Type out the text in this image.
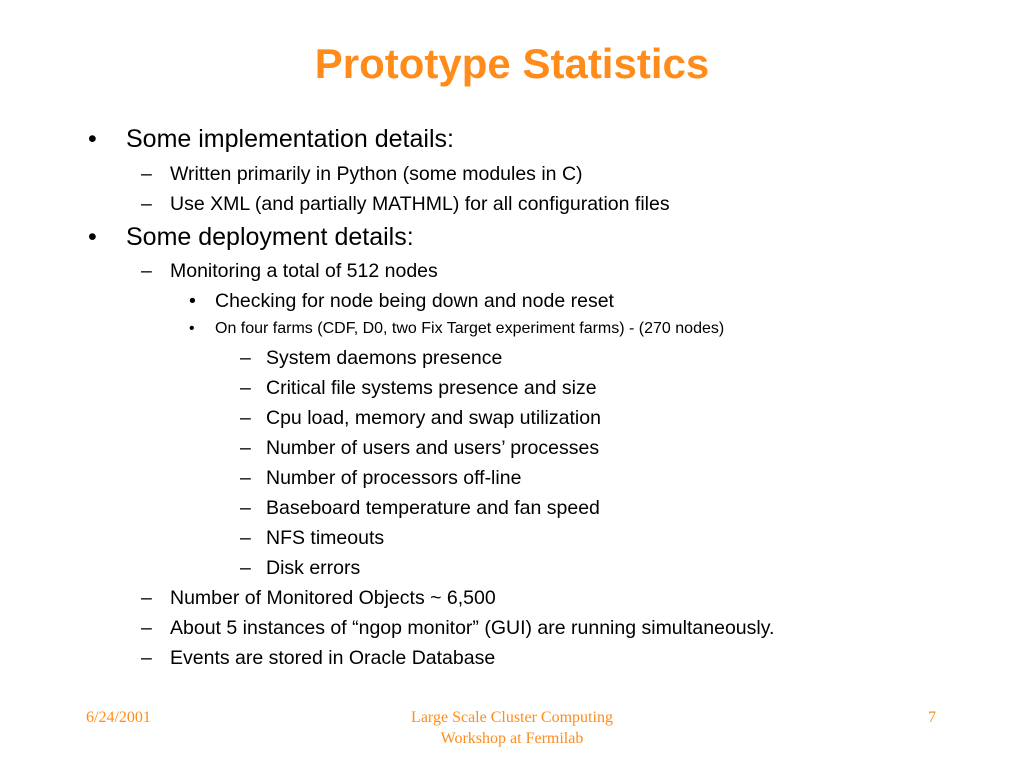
Prototype Statistics
• Some implementation details:
– Written primarily in Python (some modules in C)
– Use XML (and partially MATHML) for all configuration files
• Some deployment details:
– Monitoring a total of 512 nodes
• Checking for node being down and node reset
• On four farms (CDF, D0, two Fix Target experiment farms) - (270 nodes)
– System daemons presence
– Critical file systems presence and size
– Cpu load, memory and swap utilization
– Number of users and users’ processes
– Number of processors off-line
– Baseboard temperature and fan speed
– NFS timeouts
– Disk errors
– Number of Monitored Objects ~ 6,500
– About 5 instances of “ngop monitor” (GUI) are running simultaneously.
– Events are stored in Oracle Database
6/24/2001	Large Scale Cluster Computing
Workshop at Fermilab
7
